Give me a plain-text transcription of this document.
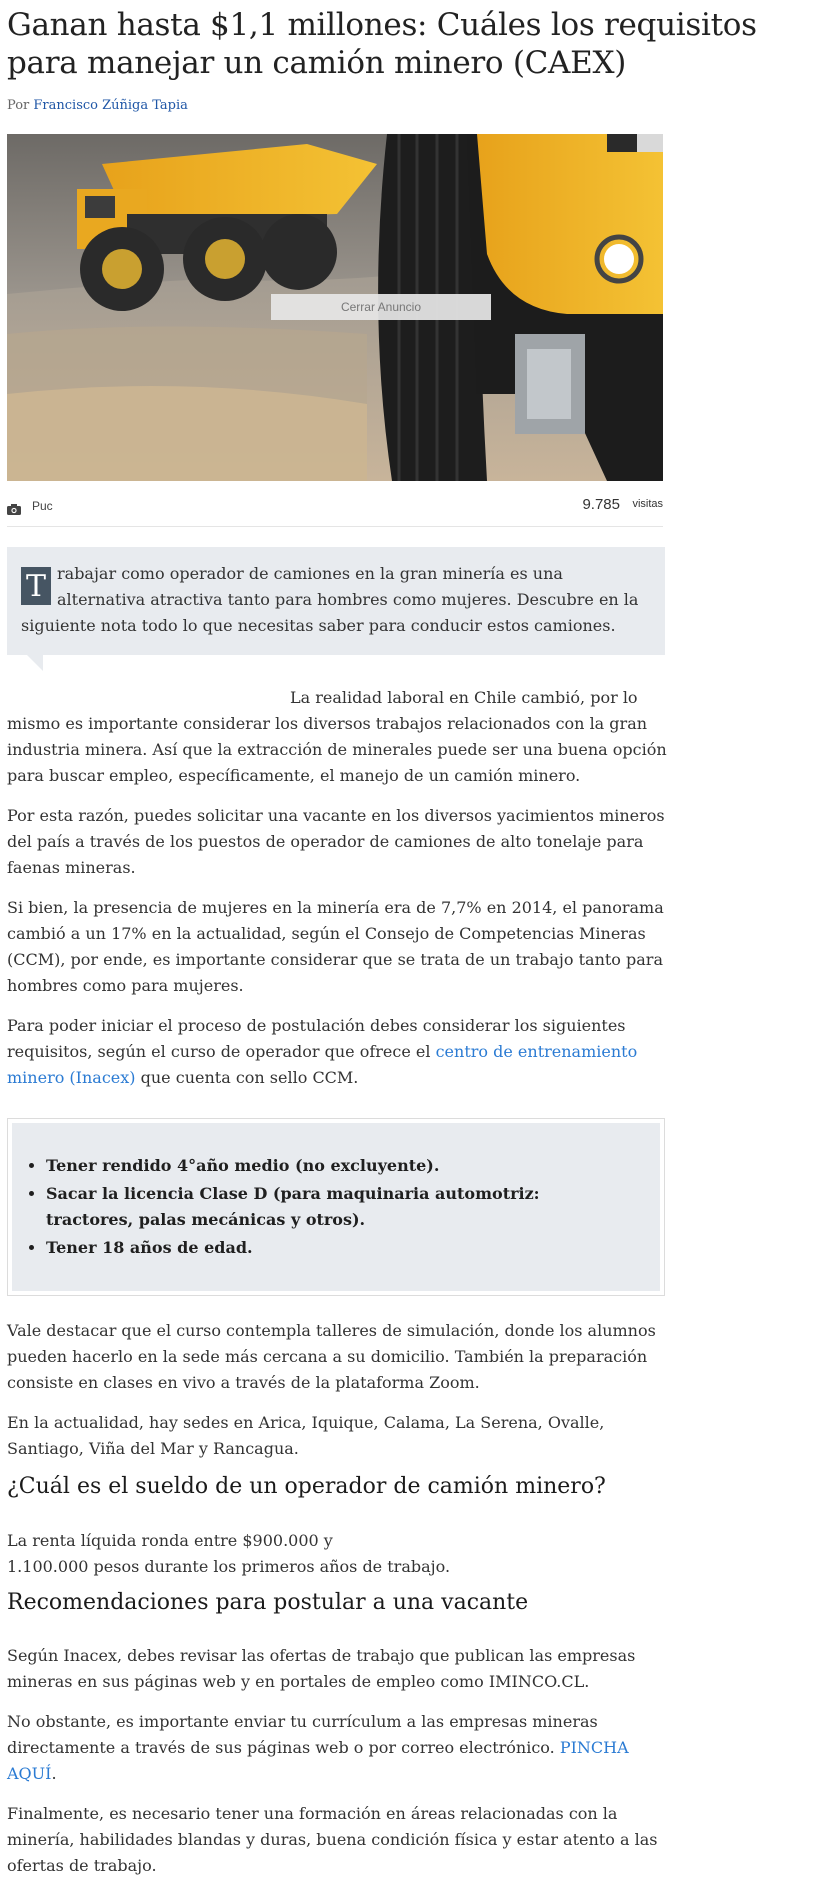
Ganan hasta $1,1 millones: Cuáles los requisitos para manejar un camión minero (CAEX)
Por Francisco Zúñiga Tapia
Cerrar Anuncio
Puc	9.785 visitas
T rabajar como operador de camiones en la gran minería es una alternativa atractiva tanto para hombres como mujeres. Descubre en la siguiente nota todo lo que necesitas saber para conducir estos camiones.

La realidad laboral en Chile cambió, por lo mismo es importante considerar los diversos trabajos relacionados con la gran industria minera. Así que la extracción de minerales puede ser una buena opción para buscar empleo, específicamente, el manejo de un camión minero.

Por esta razón, puedes solicitar una vacante en los diversos yacimientos mineros del país a través de los puestos de operador de camiones de alto tonelaje para faenas mineras.

Si bien, la presencia de mujeres en la minería era de 7,7% en 2014, el panorama cambió a un 17% en la actualidad, según el Consejo de Competencias Mineras (CCM), por ende, es importante considerar que se trata de un trabajo tanto para hombres como para mujeres.

Para poder iniciar el proceso de postulación debes considerar los siguientes requisitos, según el curso de operador que ofrece el centro de entrenamiento minero (Inacex) que cuenta con sello CCM.

• Tener rendido 4°año medio (no excluyente).
• Sacar la licencia Clase D (para maquinaria automotriz: tractores, palas mecánicas y otros).
• Tener 18 años de edad.

Vale destacar que el curso contempla talleres de simulación, donde los alumnos pueden hacerlo en la sede más cercana a su domicilio. También la preparación consiste en clases en vivo a través de la plataforma Zoom.

En la actualidad, hay sedes en Arica, Iquique, Calama, La Serena, Ovalle, Santiago, Viña del Mar y Rancagua.

¿Cuál es el sueldo de un operador de camión minero?

La renta líquida ronda entre $900.000 y
1.100.000 pesos durante los primeros años de trabajo.

Recomendaciones para postular a una vacante

Según Inacex, debes revisar las ofertas de trabajo que publican las empresas mineras en sus páginas web y en portales de empleo como IMINCO.CL.

No obstante, es importante enviar tu currículum a las empresas mineras directamente a través de sus páginas web o por correo electrónico. PINCHA AQUÍ.

Finalmente, es necesario tener una formación en áreas relacionadas con la minería, habilidades blandas y duras, buena condición física y estar atento a las ofertas de trabajo.
